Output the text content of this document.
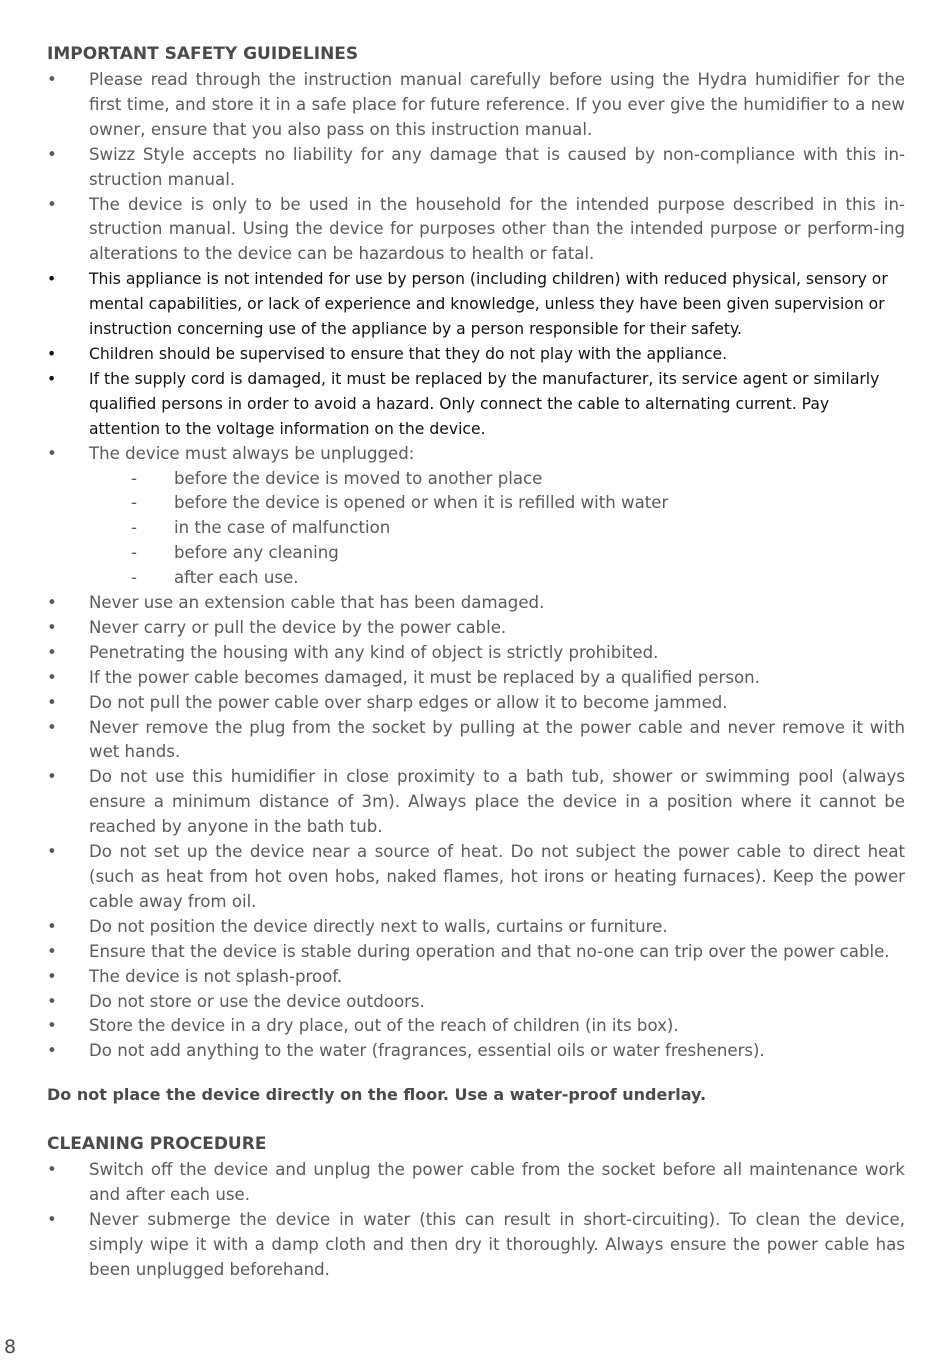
IMPORTANT SAFETY GUIDELINES
• Please read through the instruction manual carefully before using the Hydra humidifier for the first time, and store it in a safe place for future reference. If you ever give the humidifier to a new owner, ensure that you also pass on this instruction manual.
• Swizz Style accepts no liability for any damage that is caused by non-compliance with this in-struction manual.
• The device is only to be used in the household for the intended purpose described in this in-struction manual. Using the device for purposes other than the intended purpose or perform-ing alterations to the device can be hazardous to health or fatal.
•	This appliance is not intended for use by person (including children) with reduced physical, sensory or mental capabilities, or lack of experience and knowledge, unless they have been given supervision or instruction concerning use of the appliance by a person responsible for their safety.
•	Children should be supervised to ensure that they do not play with the appliance.
•	If the supply cord is damaged, it must be replaced by the manufacturer, its service agent or similarly qualified persons in order to avoid a hazard. Only connect the cable to alternating current. Pay attention to the voltage information on the device.
• The device must always be unplugged:
- before the device is moved to another place
- before the device is opened or when it is refilled with water
- in the case of malfunction
- before any cleaning
- after each use.
• Never use an extension cable that has been damaged.
• Never carry or pull the device by the power cable.
• Penetrating the housing with any kind of object is strictly prohibited.
• If the power cable becomes damaged, it must be replaced by a qualified person.
• Do not pull the power cable over sharp edges or allow it to become jammed.
• Never remove the plug from the socket by pulling at the power cable and never remove it with wet hands.
• Do not use this humidifier in close proximity to a bath tub, shower or swimming pool (always ensure a minimum distance of 3m). Always place the device in a position where it cannot be reached by anyone in the bath tub.
• Do not set up the device near a source of heat. Do not subject the power cable to direct heat (such as heat from hot oven hobs, naked flames, hot irons or heating furnaces). Keep the power cable away from oil.
• Do not position the device directly next to walls, curtains or furniture.
• Ensure that the device is stable during operation and that no-one can trip over the power cable.
• The device is not splash-proof.
• Do not store or use the device outdoors.
• Store the device in a dry place, out of the reach of children (in its box).
• Do not add anything to the water (fragrances, essential oils or water fresheners).
Do not place the device directly on the floor. Use a water-proof underlay.
CLEANING PROCEDURE
• Switch off the device and unplug the power cable from the socket before all maintenance work and after each use.
• Never submerge the device in water (this can result in short-circuiting). To clean the device, simply wipe it with a damp cloth and then dry it thoroughly. Always ensure the power cable has been unplugged beforehand.
8
